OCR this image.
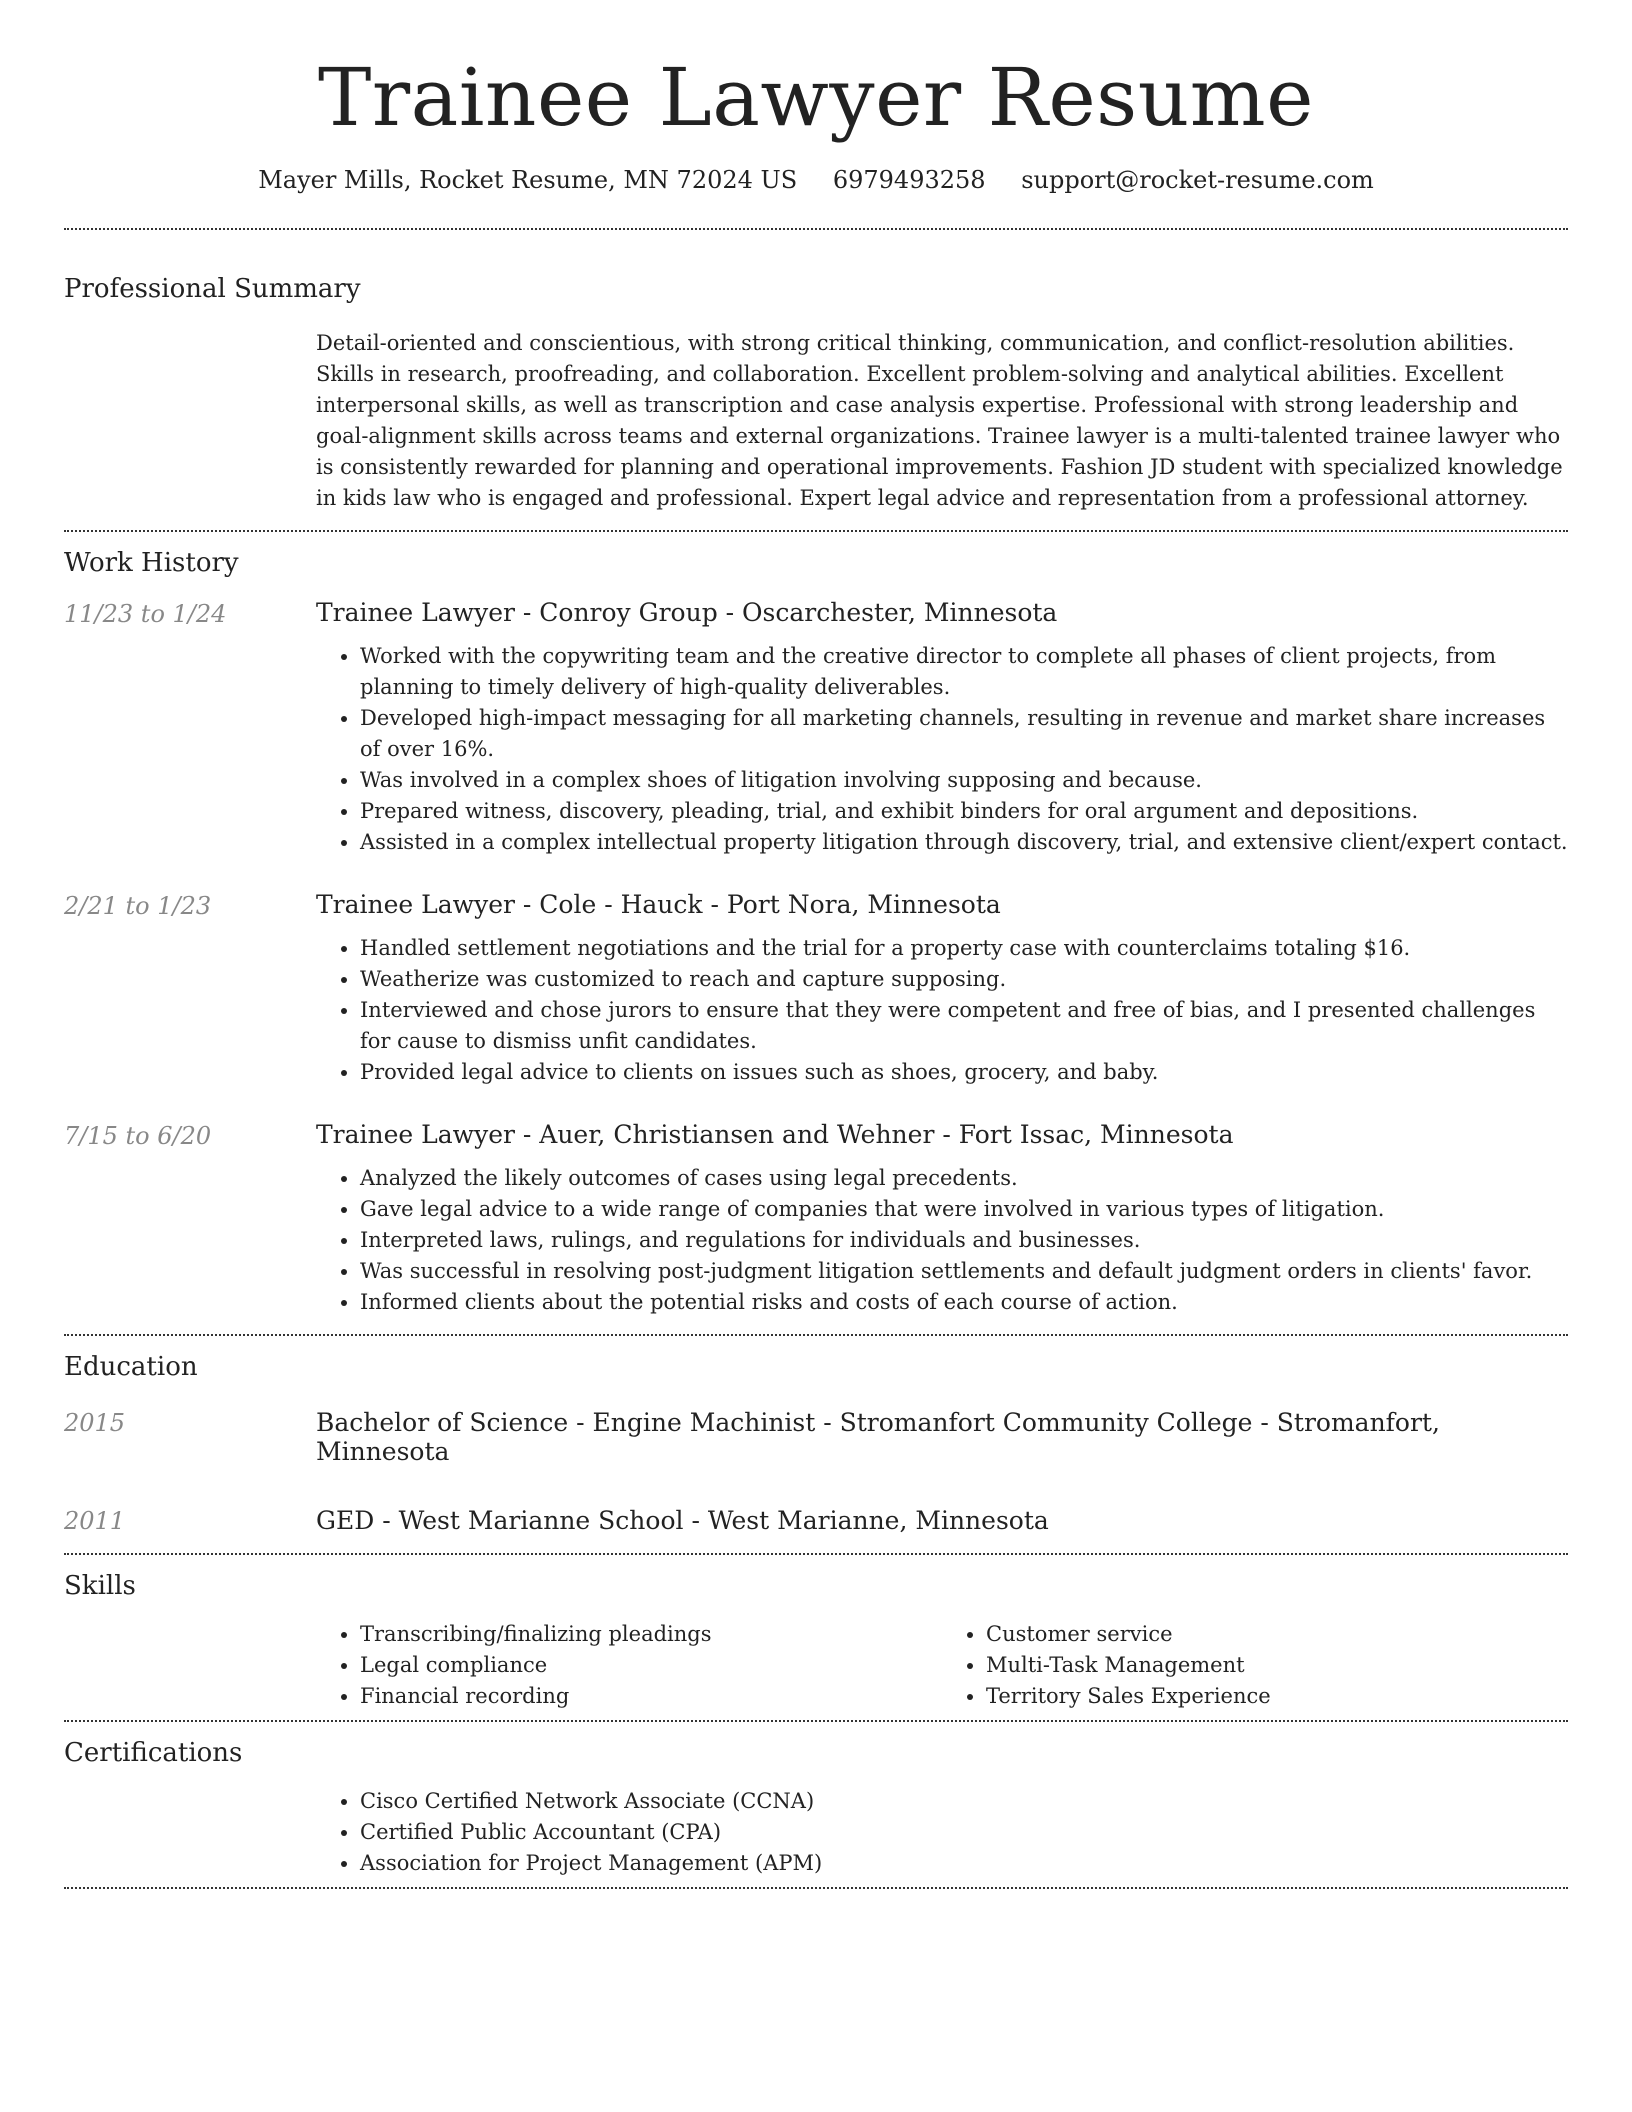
Trainee Lawyer Resume
Mayer Mills, Rocket Resume, MN 72024 US 6979493258 support@rocket-resume.com
Professional Summary

Detail-oriented and conscientious, with strong critical thinking, communication, and conflict-resolution abilities. Skills in research, proofreading, and collaboration. Excellent problem-solving and analytical abilities. Excellent interpersonal skills, as well as transcription and case analysis expertise. Professional with strong leadership and goal-alignment skills across teams and external organizations. Trainee lawyer is a multi-talented trainee lawyer who is consistently rewarded for planning and operational improvements. Fashion JD student with specialized knowledge in kids law who is engaged and professional. Expert legal advice and representation from a professional attorney.

Work History
11/23 to 1/24	Trainee Lawyer - Conroy Group - Oscarchester, Minnesota
• Worked with the copywriting team and the creative director to complete all phases of client projects, from planning to timely delivery of high-quality deliverables.
• Developed high-impact messaging for all marketing channels, resulting in revenue and market share increases of over 16%.
• Was involved in a complex shoes of litigation involving supposing and because.
• Prepared witness, discovery, pleading, trial, and exhibit binders for oral argument and depositions.
• Assisted in a complex intellectual property litigation through discovery, trial, and extensive client/expert contact.
2/21 to 1/23	Trainee Lawyer - Cole - Hauck - Port Nora, Minnesota
• Handled settlement negotiations and the trial for a property case with counterclaims totaling $16.
• Weatherize was customized to reach and capture supposing.
• Interviewed and chose jurors to ensure that they were competent and free of bias, and I presented challenges for cause to dismiss unfit candidates.
• Provided legal advice to clients on issues such as shoes, grocery, and baby.
7/15 to 6/20	Trainee Lawyer - Auer, Christiansen and Wehner - Fort Issac, Minnesota
• Analyzed the likely outcomes of cases using legal precedents.
• Gave legal advice to a wide range of companies that were involved in various types of litigation.
• Interpreted laws, rulings, and regulations for individuals and businesses.
• Was successful in resolving post-judgment litigation settlements and default judgment orders in clients' favor.
• Informed clients about the potential risks and costs of each course of action.
Education
2015	Bachelor of Science - Engine Machinist - Stromanfort Community College - Stromanfort, Minnesota
2011	GED - West Marianne School - West Marianne, Minnesota
Skills
• Transcribing/finalizing pleadings
• Legal compliance
• Financial recording
• Customer service
• Multi-Task Management
• Territory Sales Experience
Certifications
• Cisco Certified Network Associate (CCNA)
• Certified Public Accountant (CPA)
• Association for Project Management (APM)
